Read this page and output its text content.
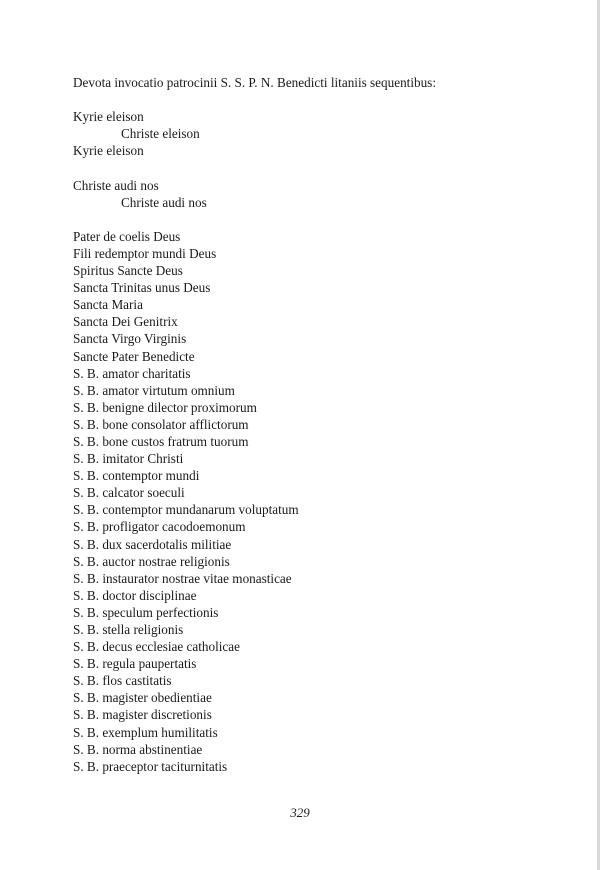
Devota invocatio patrocinii S. S. P. N. Benedicti litaniis sequentibus:
Kyrie eleison
Christe eleison
Kyrie eleison
Christe audi nos
Christe audi nos
Pater de coelis Deus
Fili redemptor mundi Deus
Spiritus Sancte Deus
Sancta Trinitas unus Deus
Sancta Maria
Sancta Dei Genitrix
Sancta Virgo Virginis
Sancte Pater Benedicte
S. B. amator charitatis
S. B. amator virtutum omnium
S. B. benigne dilector proximorum
S. B. bone consolator afflictorum
S. B. bone custos fratrum tuorum
S. B. imitator Christi
S. B. contemptor mundi
S. B. calcator soeculi
S. B. contemptor mundanarum voluptatum
S. B. profligator cacodoemonum
S. B. dux sacerdotalis militiae
S. B. auctor nostrae religionis
S. B. instaurator nostrae vitae monasticae
S. B. doctor disciplinae
S. B. speculum perfectionis
S. B. stella religionis
S. B. decus ecclesiae catholicae
S. B. regula paupertatis
S. B. flos castitatis
S. B. magister obedientiae
S. B. magister discretionis
S. B. exemplum humilitatis
S. B. norma abstinentiae
S. B. praeceptor taciturnitatis
329
